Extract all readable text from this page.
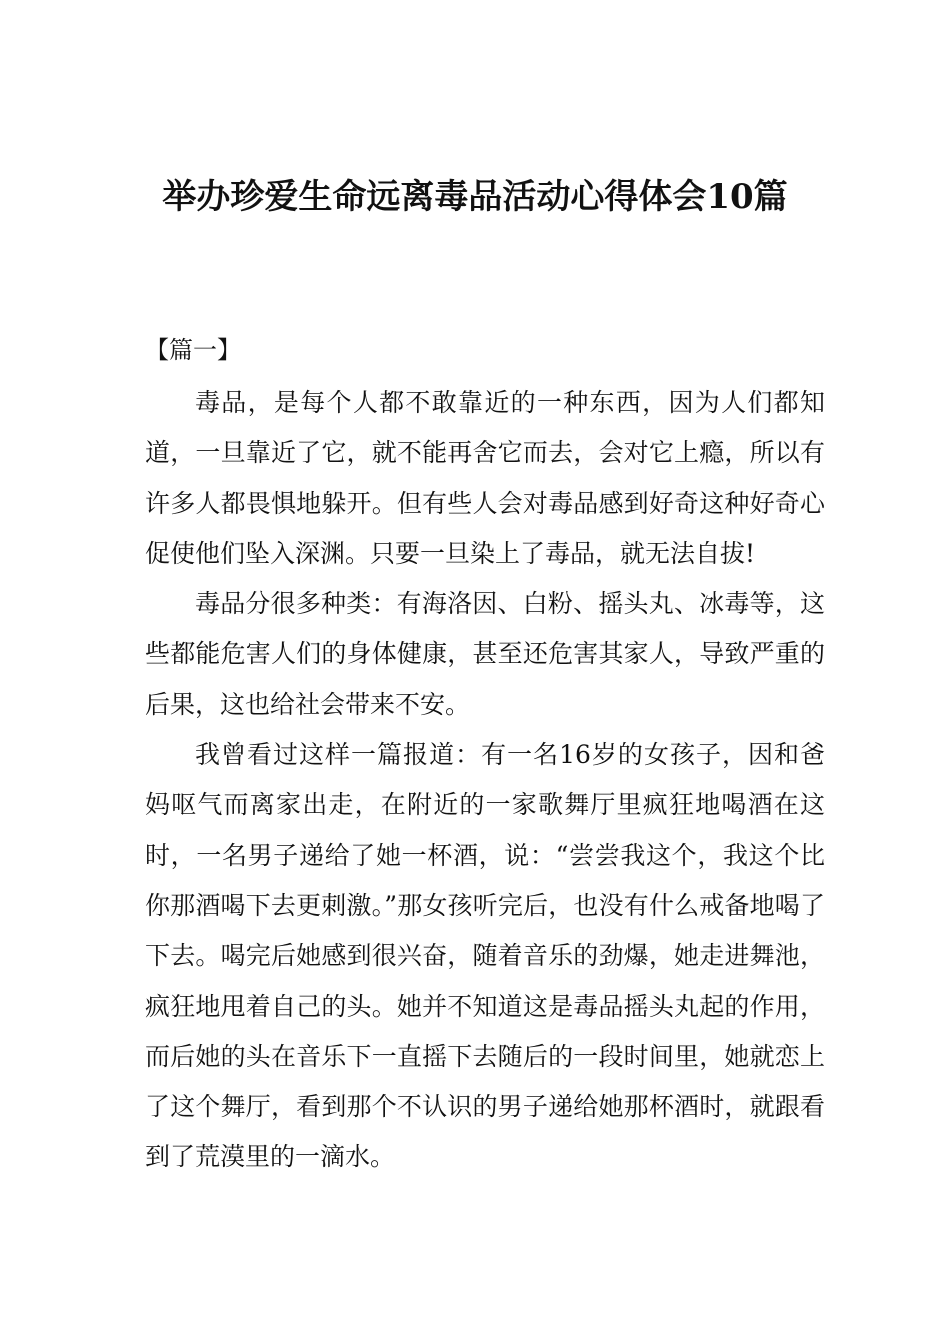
举办珍爱生命远离毒品活动心得体会10篇

【篇一】

毒品，是每个人都不敢靠近的一种东西，因为人们都知道，一旦靠近了它，就不能再舍它而去，会对它上瘾，所以有许多人都畏惧地躲开。但有些人会对毒品感到好奇这种好奇心促使他们坠入深渊。只要一旦染上了毒品，就无法自拔!

毒品分很多种类：有海洛因、白粉、摇头丸、冰毒等，这些都能危害人们的身体健康，甚至还危害其家人，导致严重的后果，这也给社会带来不安。

我曾看过这样一篇报道：有一名16岁的女孩子，因和爸妈呕气而离家出走，在附近的一家歌舞厅里疯狂地喝酒在这时，一名男子递给了她一杯酒，说：“尝尝我这个，我这个比你那酒喝下去更刺激。”那女孩听完后，也没有什么戒备地喝了下去。喝完后她感到很兴奋，随着音乐的劲爆，她走进舞池，疯狂地甩着自己的头。她并不知道这是毒品摇头丸起的作用，而后她的头在音乐下一直摇下去随后的一段时间里，她就恋上了这个舞厅，看到那个不认识的男子递给她那杯酒时，就跟看到了荒漠里的一滴水。
